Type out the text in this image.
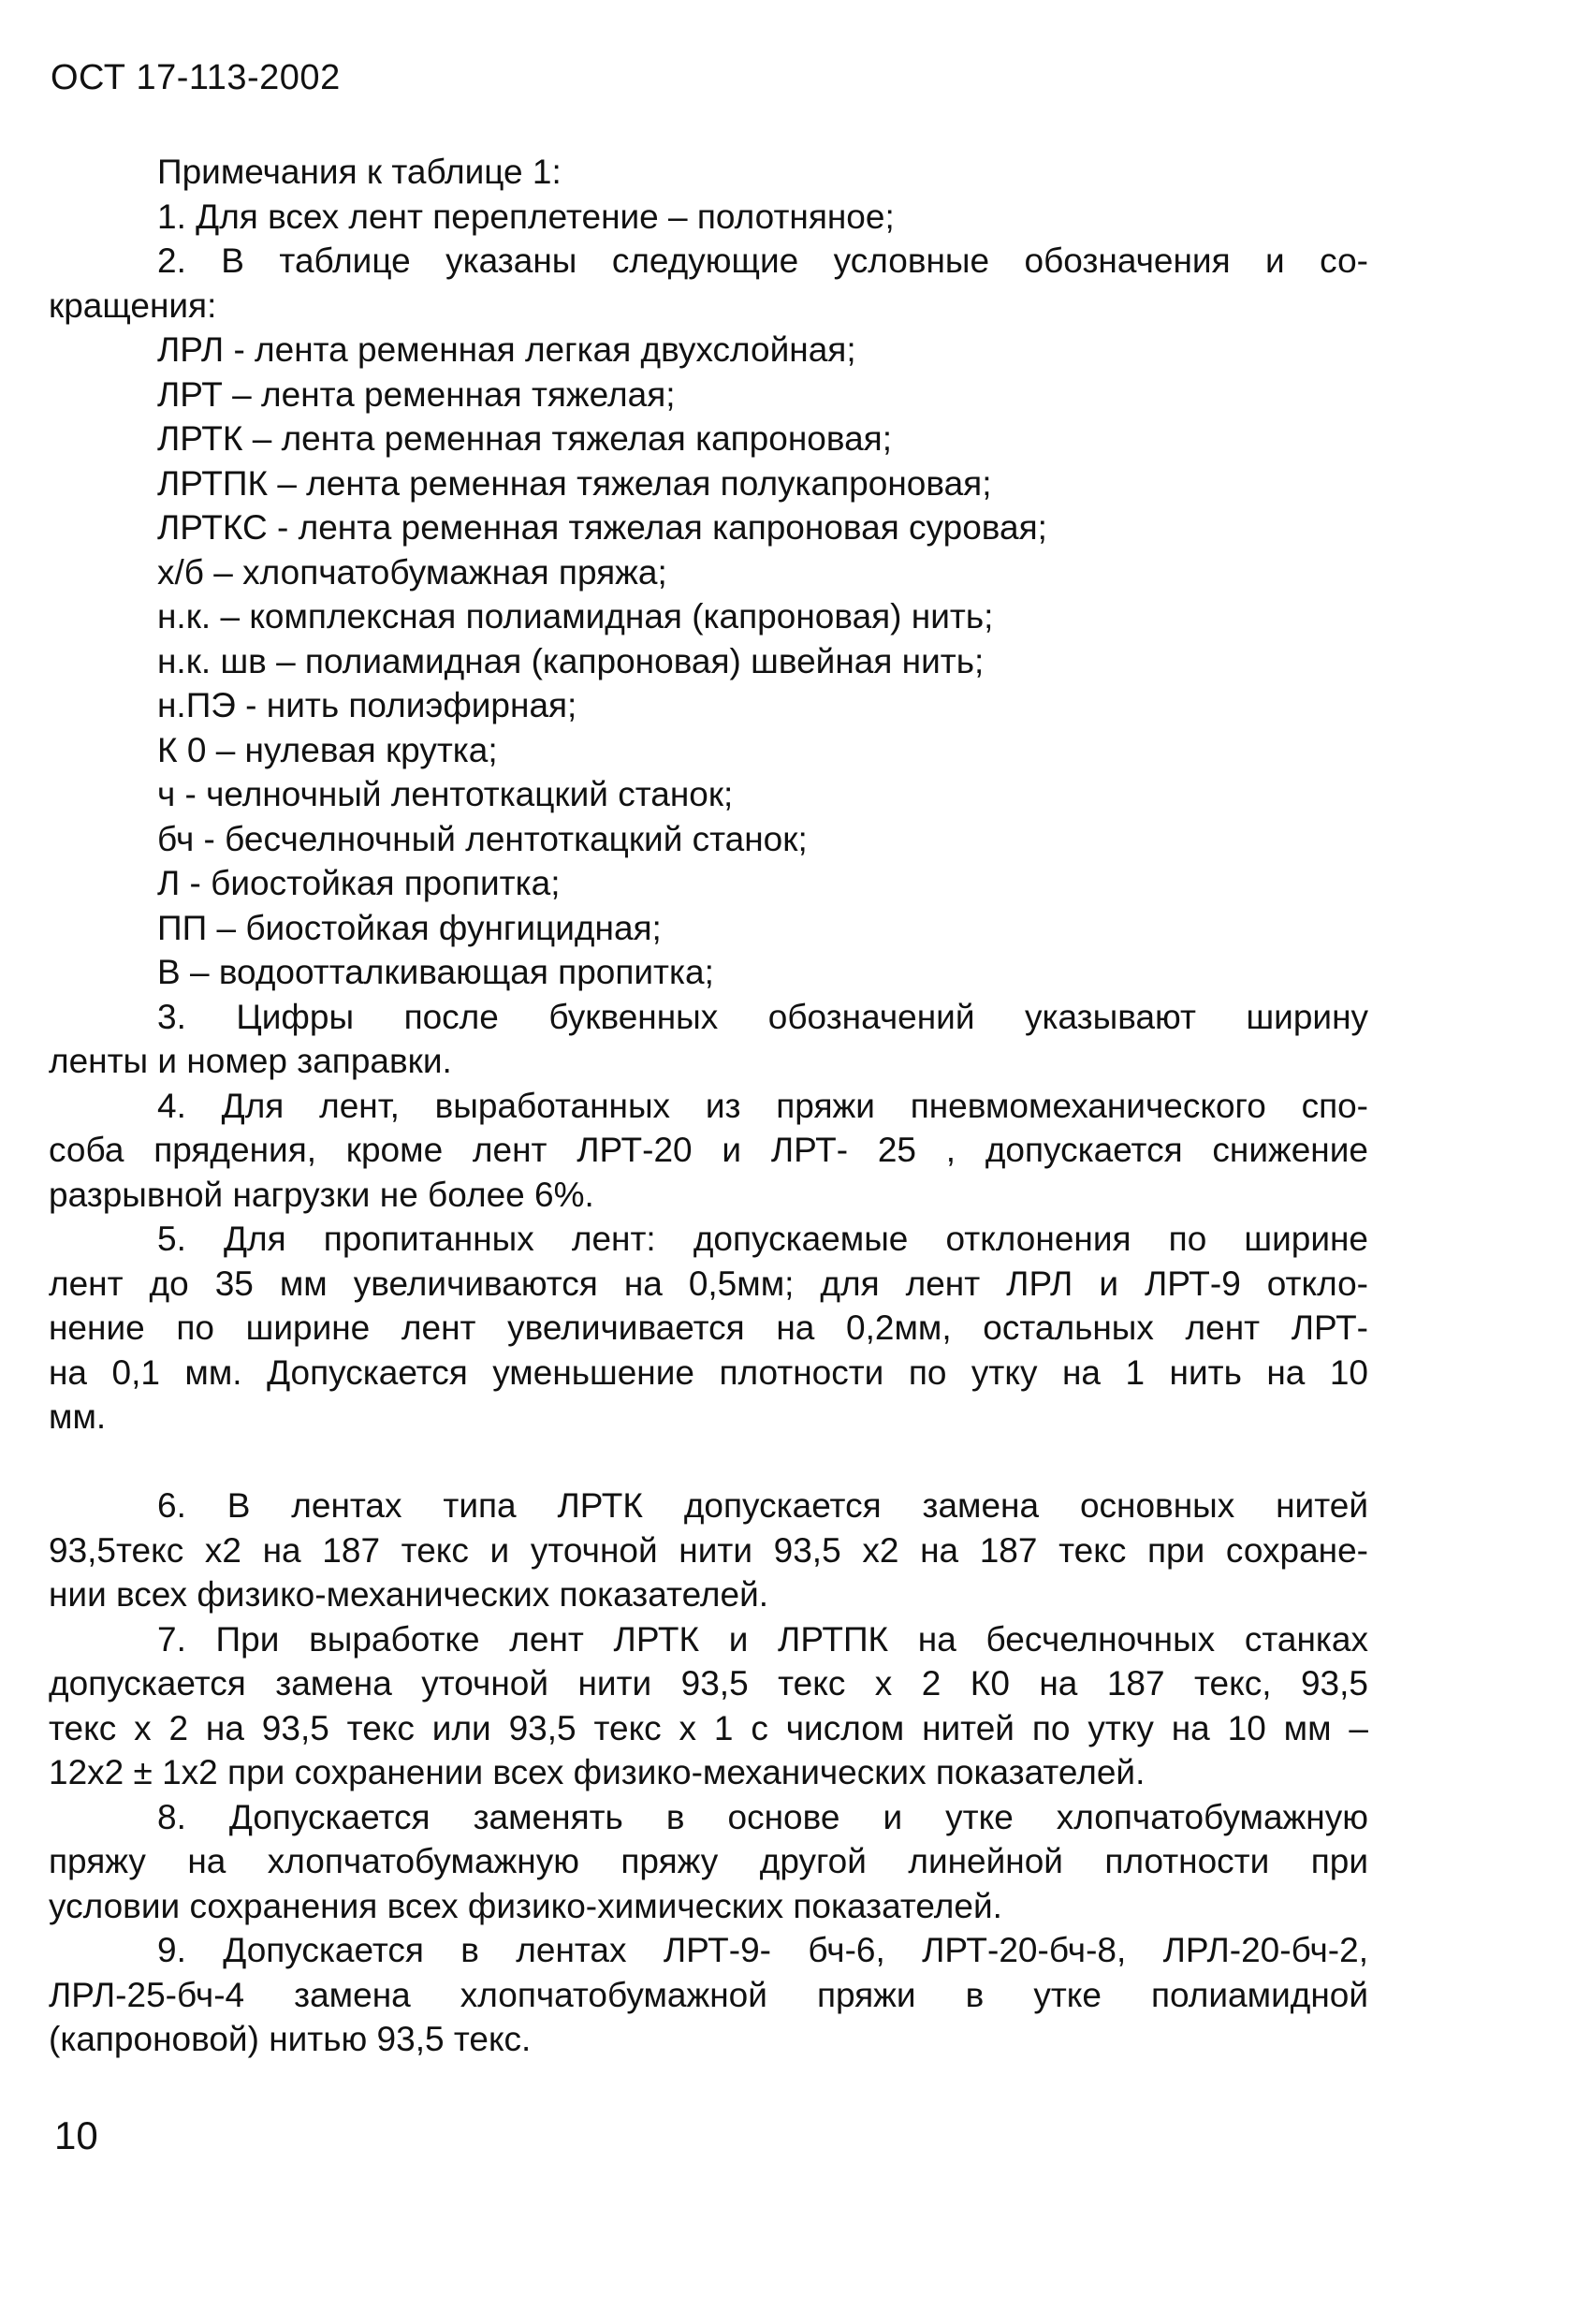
ОСТ 17-113-2002
Примечания к таблице 1:
1. Для всех лент переплетение – полотняное;
2. В таблице указаны следующие условные обозначения и со-
кращения:
ЛРЛ - лента ременная легкая двухслойная;
ЛРТ – лента ременная тяжелая;
ЛРТК – лента ременная тяжелая капроновая;
ЛРТПК – лента ременная тяжелая полукапроновая;
ЛРТКС - лента ременная тяжелая капроновая суровая;
х/б – хлопчатобумажная пряжа;
н.к. – комплексная полиамидная (капроновая) нить;
н.к. шв – полиамидная (капроновая) швейная нить;
н.ПЭ - нить полиэфирная;
К 0 – нулевая крутка;
ч - челночный лентоткацкий станок;
бч - бесчелночный лентоткацкий станок;
Л - биостойкая пропитка;
ПП – биостойкая фунгицидная;
В – водоотталкивающая пропитка;
3. Цифры после буквенных обозначений указывают ширину
ленты и номер заправки.
4. Для лент, выработанных из пряжи пневмомеханического спо-
соба прядения, кроме лент ЛРТ-20 и ЛРТ- 25 , допускается снижение
разрывной нагрузки не более 6%.
5. Для пропитанных лент: допускаемые отклонения по ширине
лент до 35 мм увеличиваются на 0,5мм; для лент ЛРЛ и ЛРТ-9 откло-
нение по ширине лент увеличивается на 0,2мм, остальных лент ЛРТ-
на 0,1 мм. Допускается уменьшение плотности по утку на 1 нить на 10
мм.
6. В лентах типа ЛРТК допускается замена основных нитей
93,5текс х2 на 187 текс и уточной нити 93,5 х2 на 187 текс при сохране-
нии всех физико-механических показателей.
7. При выработке лент ЛРТК и ЛРТПК на бесчелночных станках
допускается замена уточной нити 93,5 текс х 2 К0 на 187 текс, 93,5
текс х 2 на 93,5 текс или 93,5 текс х 1 с числом нитей по утку на 10 мм –
12х2 ± 1х2 при сохранении всех физико-механических показателей.
8. Допускается заменять в основе и утке хлопчатобумажную
пряжу на хлопчатобумажную пряжу другой линейной плотности при
условии сохранения всех физико-химических показателей.
9. Допускается в лентах ЛРТ-9- бч-6, ЛРТ-20-бч-8, ЛРЛ-20-бч-2,
ЛРЛ-25-бч-4 замена хлопчатобумажной пряжи в утке полиамидной
(капроновой) нитью 93,5 текс.
10
